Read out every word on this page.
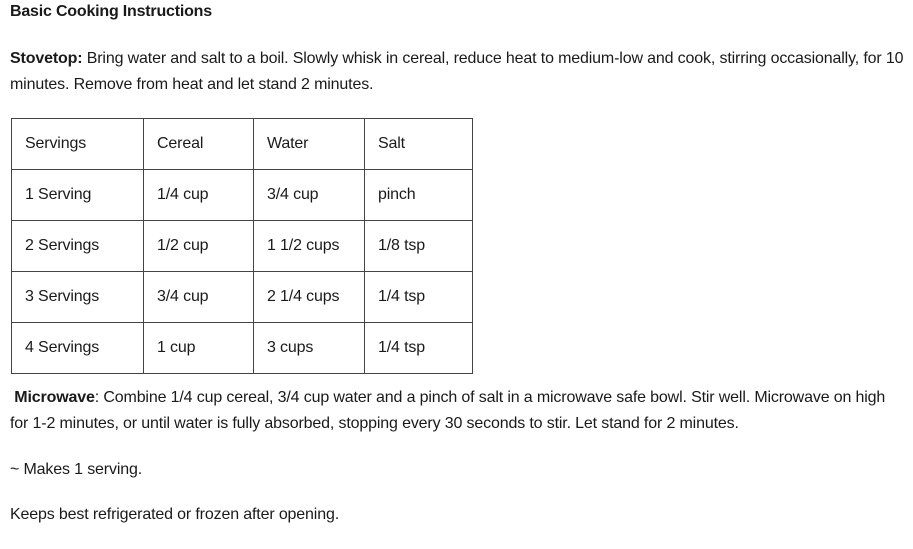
Basic Cooking Instructions
Stovetop: Bring water and salt to a boil. Slowly whisk in cereal, reduce heat to medium-low and cook, stirring occasionally, for 10 minutes. Remove from heat and let stand 2 minutes.
Servings	Cereal	Water	Salt
1 Serving	1/4 cup	3/4 cup	pinch
2 Servings	1/2 cup	1 1/2 cups	1/8 tsp
3 Servings	3/4 cup	2 1/4 cups	1/4 tsp
4 Servings	1 cup	3 cups	1/4 tsp
Microwave: Combine 1/4 cup cereal, 3/4 cup water and a pinch of salt in a microwave safe bowl. Stir well. Microwave on high for 1-2 minutes, or until water is fully absorbed, stopping every 30 seconds to stir. Let stand for 2 minutes.
~ Makes 1 serving.
Keeps best refrigerated or frozen after opening.
